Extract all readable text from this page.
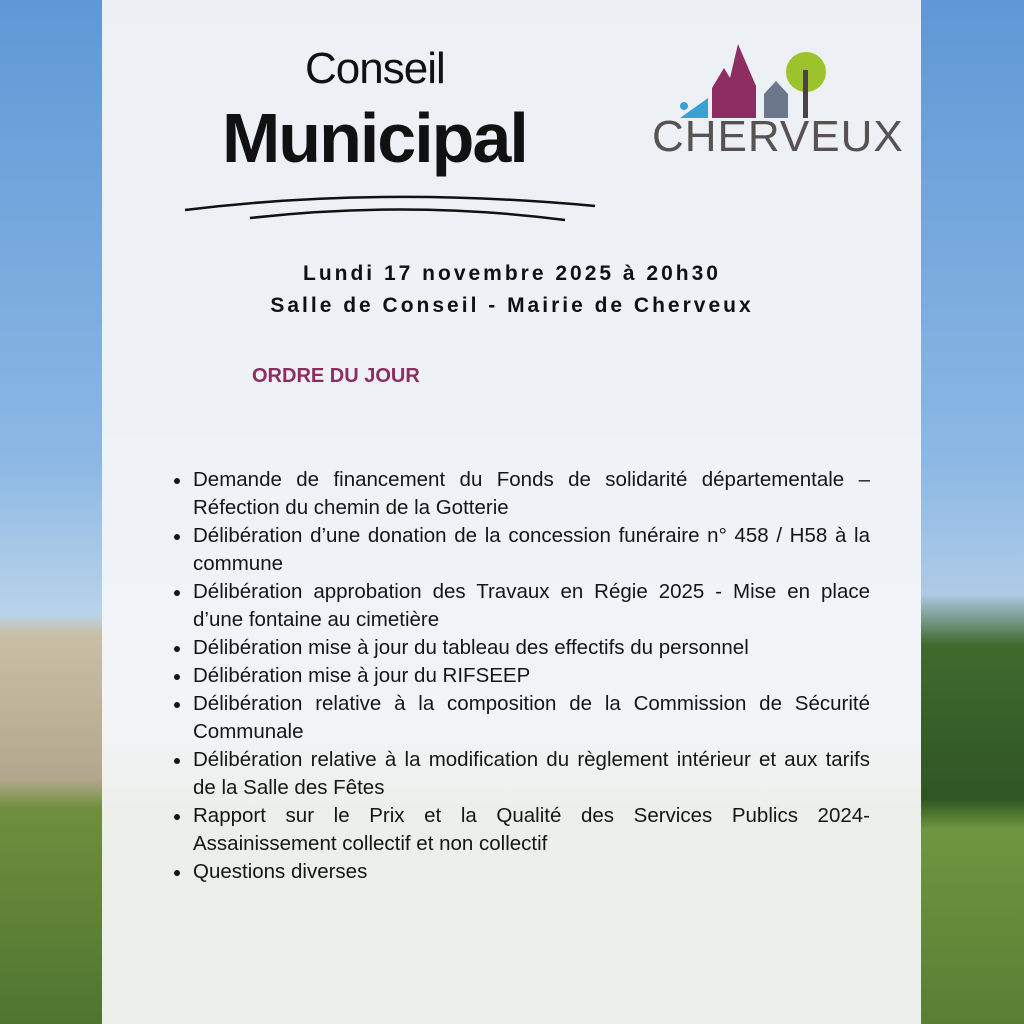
Conseil
Municipal	CHERVEUX
Lundi 17 novembre 2025 à 20h30
Salle de Conseil - Mairie de Cherveux
ORDRE DU JOUR
Demande de financement du Fonds de solidarité départementale – Réfection du chemin de la Gotterie
Délibération d’une donation de la concession funéraire n° 458 / H58 à la commune
Délibération approbation des Travaux en Régie 2025 - Mise en place d’une fontaine au cimetière
Délibération mise à jour du tableau des effectifs du personnel
Délibération mise à jour du RIFSEEP
Délibération relative à la composition de la Commission de Sécurité Communale
Délibération relative à la modification du règlement intérieur et aux tarifs de la Salle des Fêtes
Rapport sur le Prix et la Qualité des Services Publics 2024- Assainissement collectif et non collectif
Questions diverses
